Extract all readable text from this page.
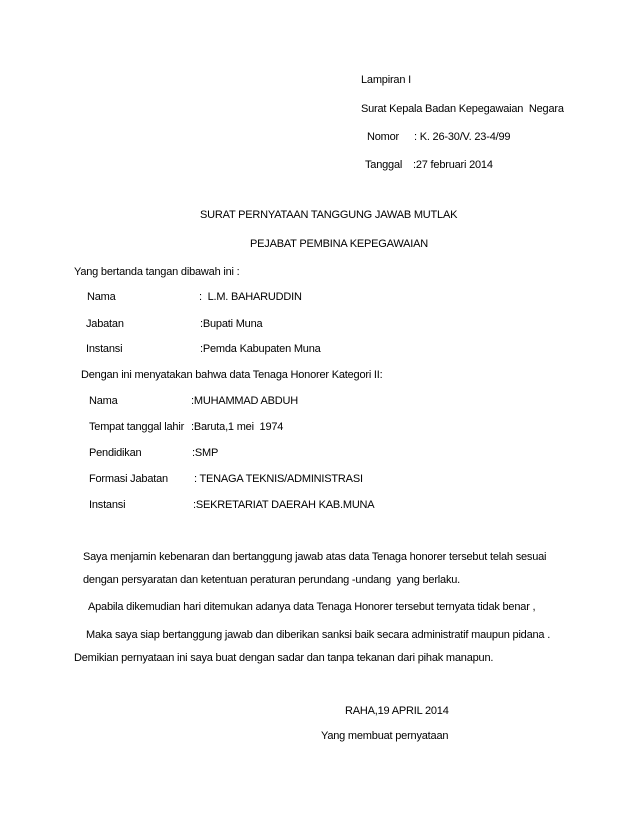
Lampiran I
Surat Kepala Badan Kepegawaian  Negara
Nomor : K. 26-30/V. 23-4/99
Tanggal :27 februari 2014
SURAT PERNYATAAN TANGGUNG JAWAB MUTLAK
PEJABAT PEMBINA KEPEGAWAIAN
Yang bertanda tangan dibawah ini :
Nama	:  L.M. BAHARUDDIN
Jabatan	:Bupati Muna
Instansi	:Pemda Kabupaten Muna
Dengan ini menyatakan bahwa data Tenaga Honorer Kategori II:
Nama	:MUHAMMAD ABDUH
Tempat tanggal lahir :Baruta,1 mei  1974
Pendidikan	:SMP
Formasi Jabatan : TENAGA TEKNIS/ADMINISTRASI
Instansi	:SEKRETARIAT DAERAH KAB.MUNA
Saya menjamin kebenaran dan bertanggung jawab atas data Tenaga honorer tersebut telah sesuai
dengan persyaratan dan ketentuan peraturan perundang -undang  yang berlaku.
Apabila dikemudian hari ditemukan adanya data Tenaga Honorer tersebut ternyata tidak benar ,
Maka saya siap bertanggung jawab dan diberikan sanksi baik secara administratif maupun pidana .
Demikian pernyataan ini saya buat dengan sadar dan tanpa tekanan dari pihak manapun.
RAHA,19 APRIL 2014
Yang membuat pernyataan
